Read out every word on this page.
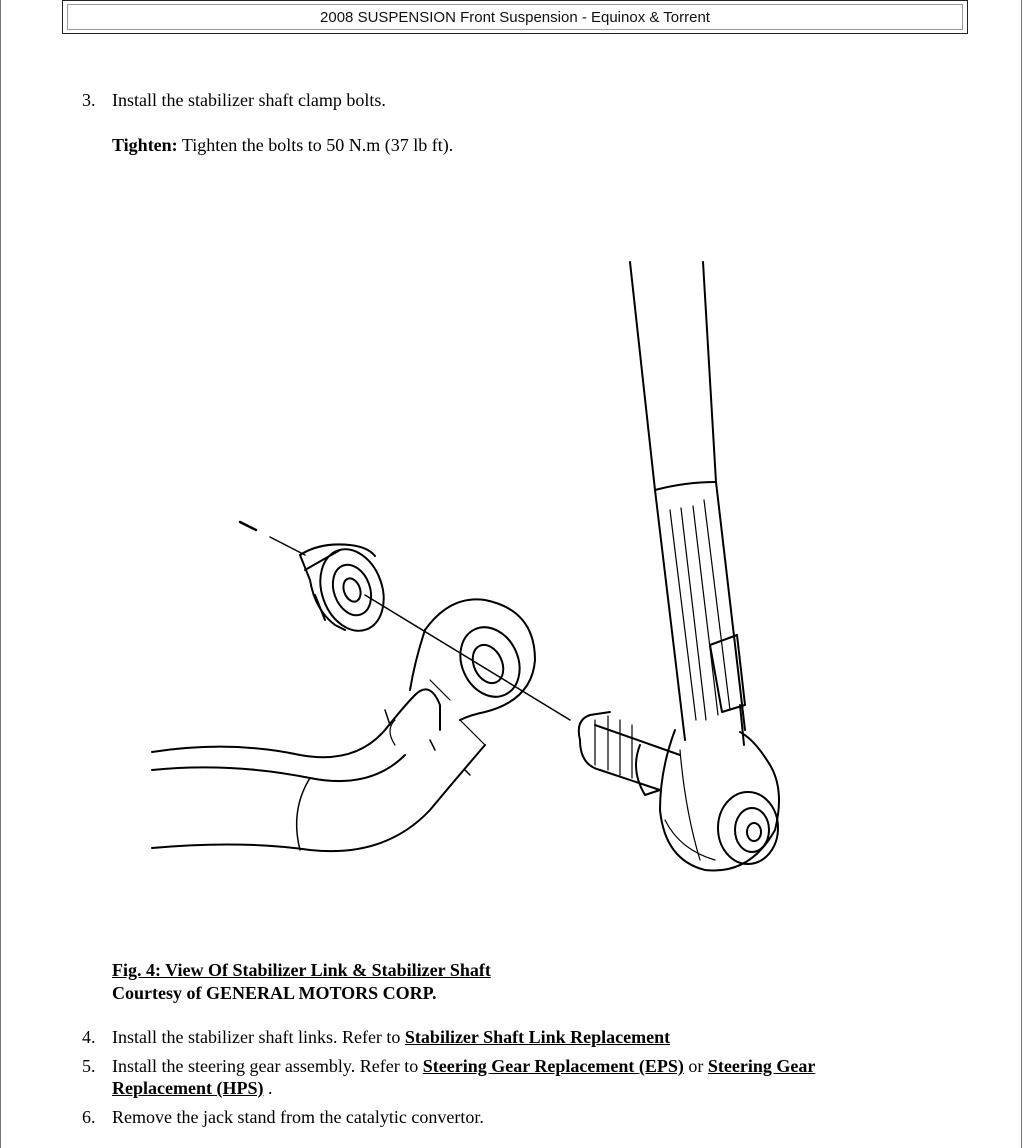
2008 SUSPENSION Front Suspension - Equinox & Torrent
3. Install the stabilizer shaft clamp bolts.
Tighten: Tighten the bolts to 50 N.m (37 lb ft).
Fig. 4: View Of Stabilizer Link & Stabilizer Shaft
Courtesy of GENERAL MOTORS CORP.
4. Install the stabilizer shaft links. Refer to Stabilizer Shaft Link Replacement
5. Install the steering gear assembly. Refer to Steering Gear Replacement (EPS) or Steering Gear Replacement (HPS) .
6. Remove the jack stand from the catalytic convertor.
